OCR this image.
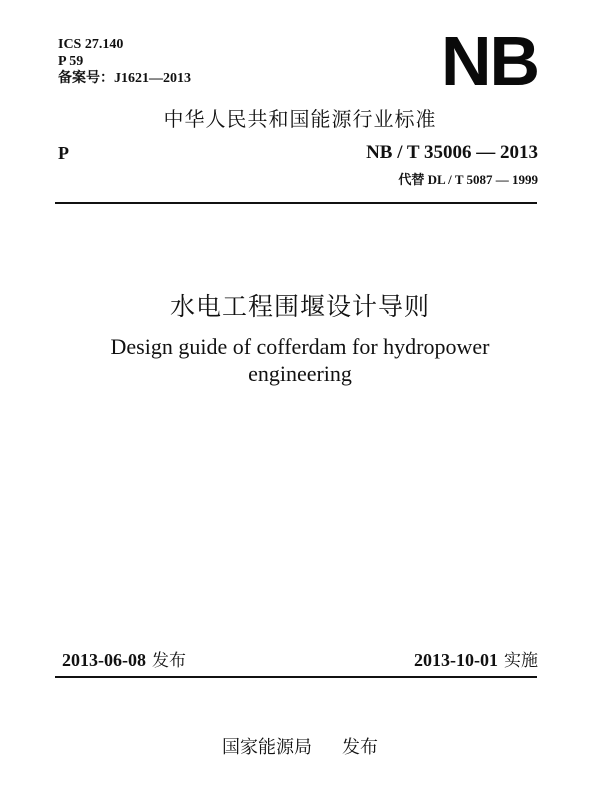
ICS 27.140
P 59
备案号：J1621—2013	NB
中华人民共和国能源行业标准
P	NB / T 35006 — 2013
代替 DL / T 5087 — 1999
水电工程围堰设计导则
Design guide of cofferdam for hydropower
engineering
2013-06-08 发布	2013-10-01 实施
国家能源局 发布
